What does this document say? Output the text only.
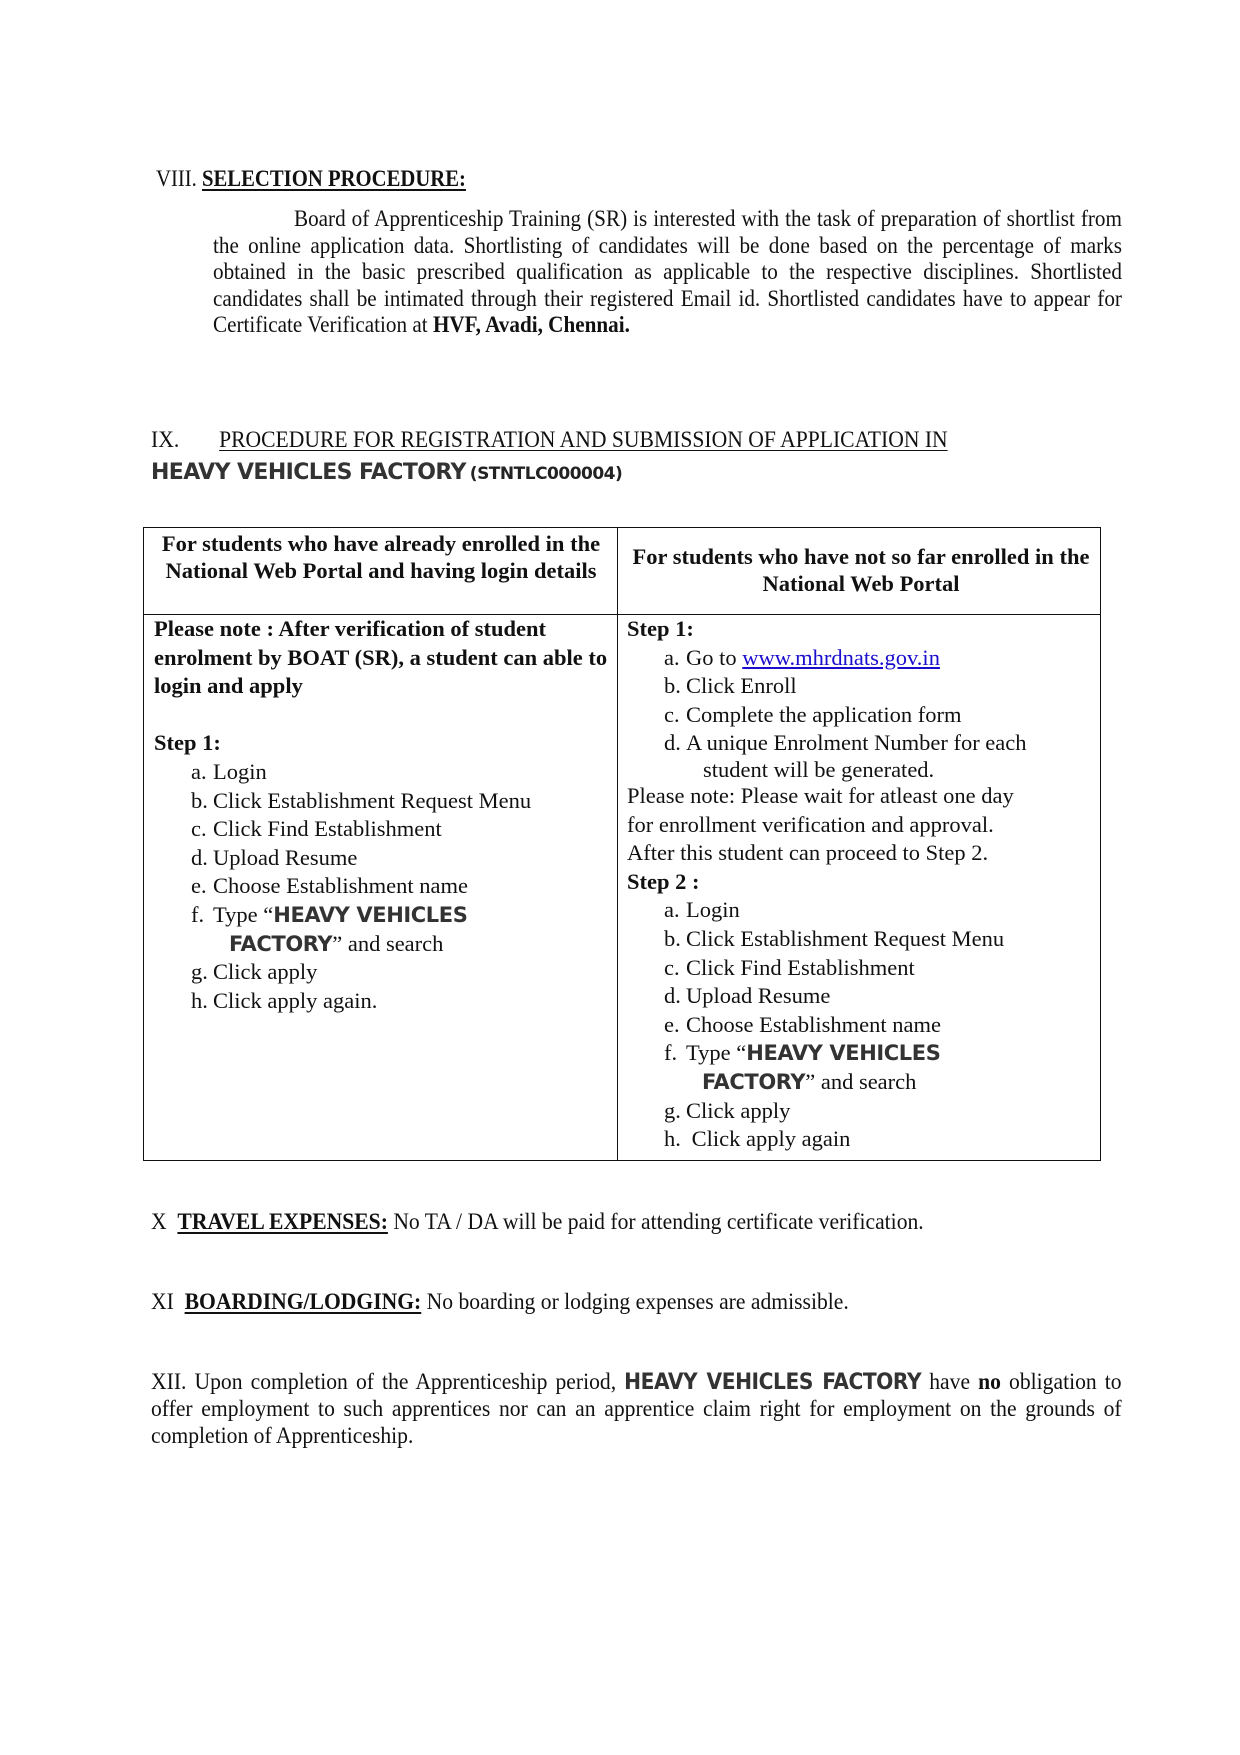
VIII. SELECTION PROCEDURE:
Board of Apprenticeship Training (SR) is interested with the task of preparation of shortlist from the online application data. Shortlisting of candidates will be done based on the percentage of marks obtained in the basic prescribed qualification as applicable to the respective disciplines. Shortlisted candidates shall be intimated through their registered Email id. Shortlisted candidates have to appear for Certificate Verification at HVF, Avadi, Chennai.
IX. PROCEDURE FOR REGISTRATION AND SUBMISSION OF APPLICATION IN
HEAVY VEHICLES FACTORY (STNTLC000004)
For students who have already enrolled in the National Web Portal and having login details
For students who have not so far enrolled in the National Web Portal
Please note : After verification of student enrolment by BOAT (SR), a student can able to login and apply
Step 1:
a. Login
b. Click Establishment Request Menu
c. Click Find Establishment
d. Upload Resume
e. Choose Establishment name
f. Type “HEAVY VEHICLES
FACTORY” and search
g. Click apply
h. Click apply again.
Step 1:
a. Go to www.mhrdnats.gov.in
b. Click Enroll
c. Complete the application form
d. A unique Enrolment Number for each
student will be generated.
Please note: Please wait for atleast one day
for enrollment verification and approval.
After this student can proceed to Step 2.
Step 2 :
a. Login
b. Click Establishment Request Menu
c. Click Find Establishment
d. Upload Resume
e. Choose Establishment name
f. Type “HEAVY VEHICLES
FACTORY” and search
g. Click apply
h. Click apply again
X TRAVEL EXPENSES: No TA / DA will be paid for attending certificate verification.
XI BOARDING/LODGING: No boarding or lodging expenses are admissible.
XII. Upon completion of the Apprenticeship period, HEAVY VEHICLES FACTORY have no obligation to offer employment to such apprentices nor can an apprentice claim right for employment on the grounds of completion of Apprenticeship.
